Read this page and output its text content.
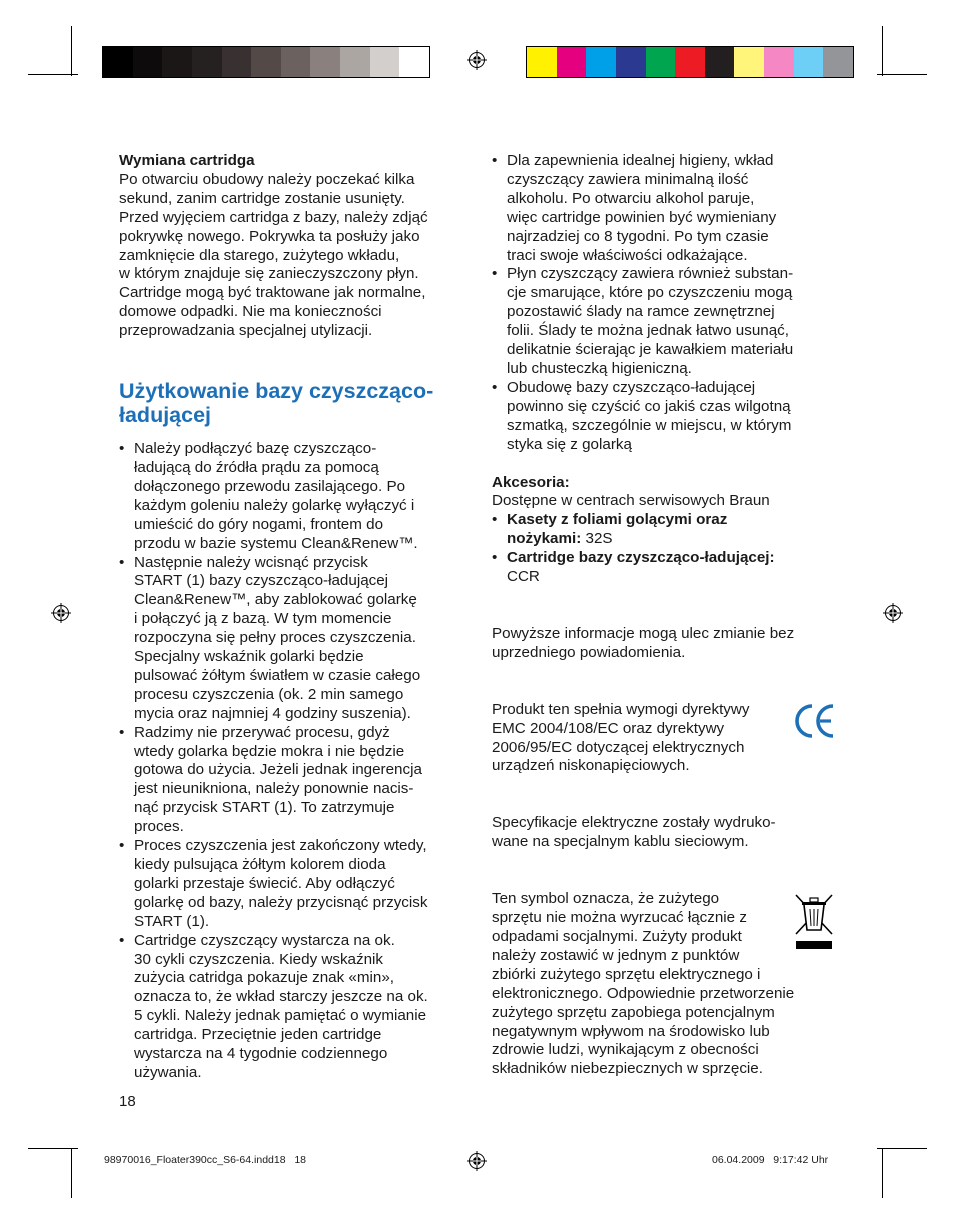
Wymiana cartridga

Po otwarciu obudowy należy poczekać kilka
sekund, zanim cartridge zostanie usunięty.
Przed wyjęciem cartridga z bazy, należy zdjąć
pokrywkę nowego. Pokrywka ta posłuży jako
zamknięcie dla starego, zużytego wkładu,
w którym znajduje się zanieczyszczony płyn.
Cartridge mogą być traktowane jak normalne,
domowe odpadki. Nie ma konieczności
przeprowadzania specjalnej utylizacji.
Użytkowanie bazy czyszcząco-
ładującej
• Należy podłączyć bazę czyszcząco-
ładującą do źródła prądu za pomocą
dołączonego przewodu zasilającego. Po
każdym goleniu należy golarkę wyłączyć i
umieścić do góry nogami, frontem do
przodu w bazie systemu Clean&Renew™.
• Następnie należy wcisnąć przycisk
START (1) bazy czyszcząco-ładującej
Clean&Renew™, aby zablokować golarkę
i połączyć ją z bazą. W tym momencie
rozpoczyna się pełny proces czyszczenia.
Specjalny wskaźnik golarki będzie
pulsować żółtym światłem w czasie całego
procesu czyszczenia (ok. 2 min samego
mycia oraz najmniej 4 godziny suszenia).
• Radzimy nie przerywać procesu, gdyż
wtedy golarka będzie mokra i nie będzie
gotowa do użycia. Jeżeli jednak ingerencja
jest nieunikniona, należy ponownie nacis-
nąć przycisk START (1). To zatrzymuje
proces.
• Proces czyszczenia jest zakończony wtedy,
kiedy pulsująca żółtym kolorem dioda
golarki przestaje świecić. Aby odłączyć
golarkę od bazy, należy przycisnąć przycisk
START (1).
• Cartridge czyszczący wystarcza na ok.
30 cykli czyszczenia. Kiedy wskaźnik
zużycia catridga pokazuje znak «min»,
oznacza to, że wkład starczy jeszcze na ok.
5 cykli. Należy jednak pamiętać o wymianie
cartridga. Przeciętnie jeden cartridge
wystarcza na 4 tygodnie codziennego
używania.
• Dla zapewnienia idealnej higieny, wkład
czyszczący zawiera minimalną ilość
alkoholu. Po otwarciu alkohol paruje,
więc cartridge powinien być wymieniany
najrzadziej co 8 tygodni. Po tym czasie
traci swoje właściwości odkażające.
• Płyn czyszczący zawiera również substan-
cje smarujące, które po czyszczeniu mogą
pozostawić ślady na ramce zewnętrznej
folii. Ślady te można jednak łatwo usunąć,
delikatnie ścierając je kawałkiem materiału
lub chusteczką higieniczną.
• Obudowę bazy czyszcząco-ładującej
powinno się czyścić co jakiś czas wilgotną
szmatką, szczególnie w miejscu, w którym
styka się z golarką

Akcesoria:

Dostępne w centrach serwisowych Braun

• Kasety z foliami golącymi oraz
nożykami: 32S
• Cartridge bazy czyszcząco-ładującej:
CCR
Powyższe informacje mogą ulec zmianie bez
uprzedniego powiadomienia.
Produkt ten spełnia wymogi dyrektywy
EMC 2004/108/EC oraz dyrektywy
2006/95/EC dotyczącej elektrycznych
urządzeń niskonapięciowych.
Specyfikacje elektryczne zostały wydruko-
wane na specjalnym kablu sieciowym.
Ten symbol oznacza, że zużytego
sprzętu nie można wyrzucać łącznie z
odpadami socjalnymi. Zużyty produkt
należy zostawić w jednym z punktów
zbiórki zużytego sprzętu elektrycznego i
elektronicznego. Odpowiednie przetworzenie
zużytego sprzętu zapobiega potencjalnym
negatywnym wpływom na środowisko lub
zdrowie ludzi, wynikającym z obecności
składników niebezpiecznych w sprzęcie.
18
98970016_Floater390cc_S6-64.indd18   18	06.04.2009   9:17:42 Uhr
